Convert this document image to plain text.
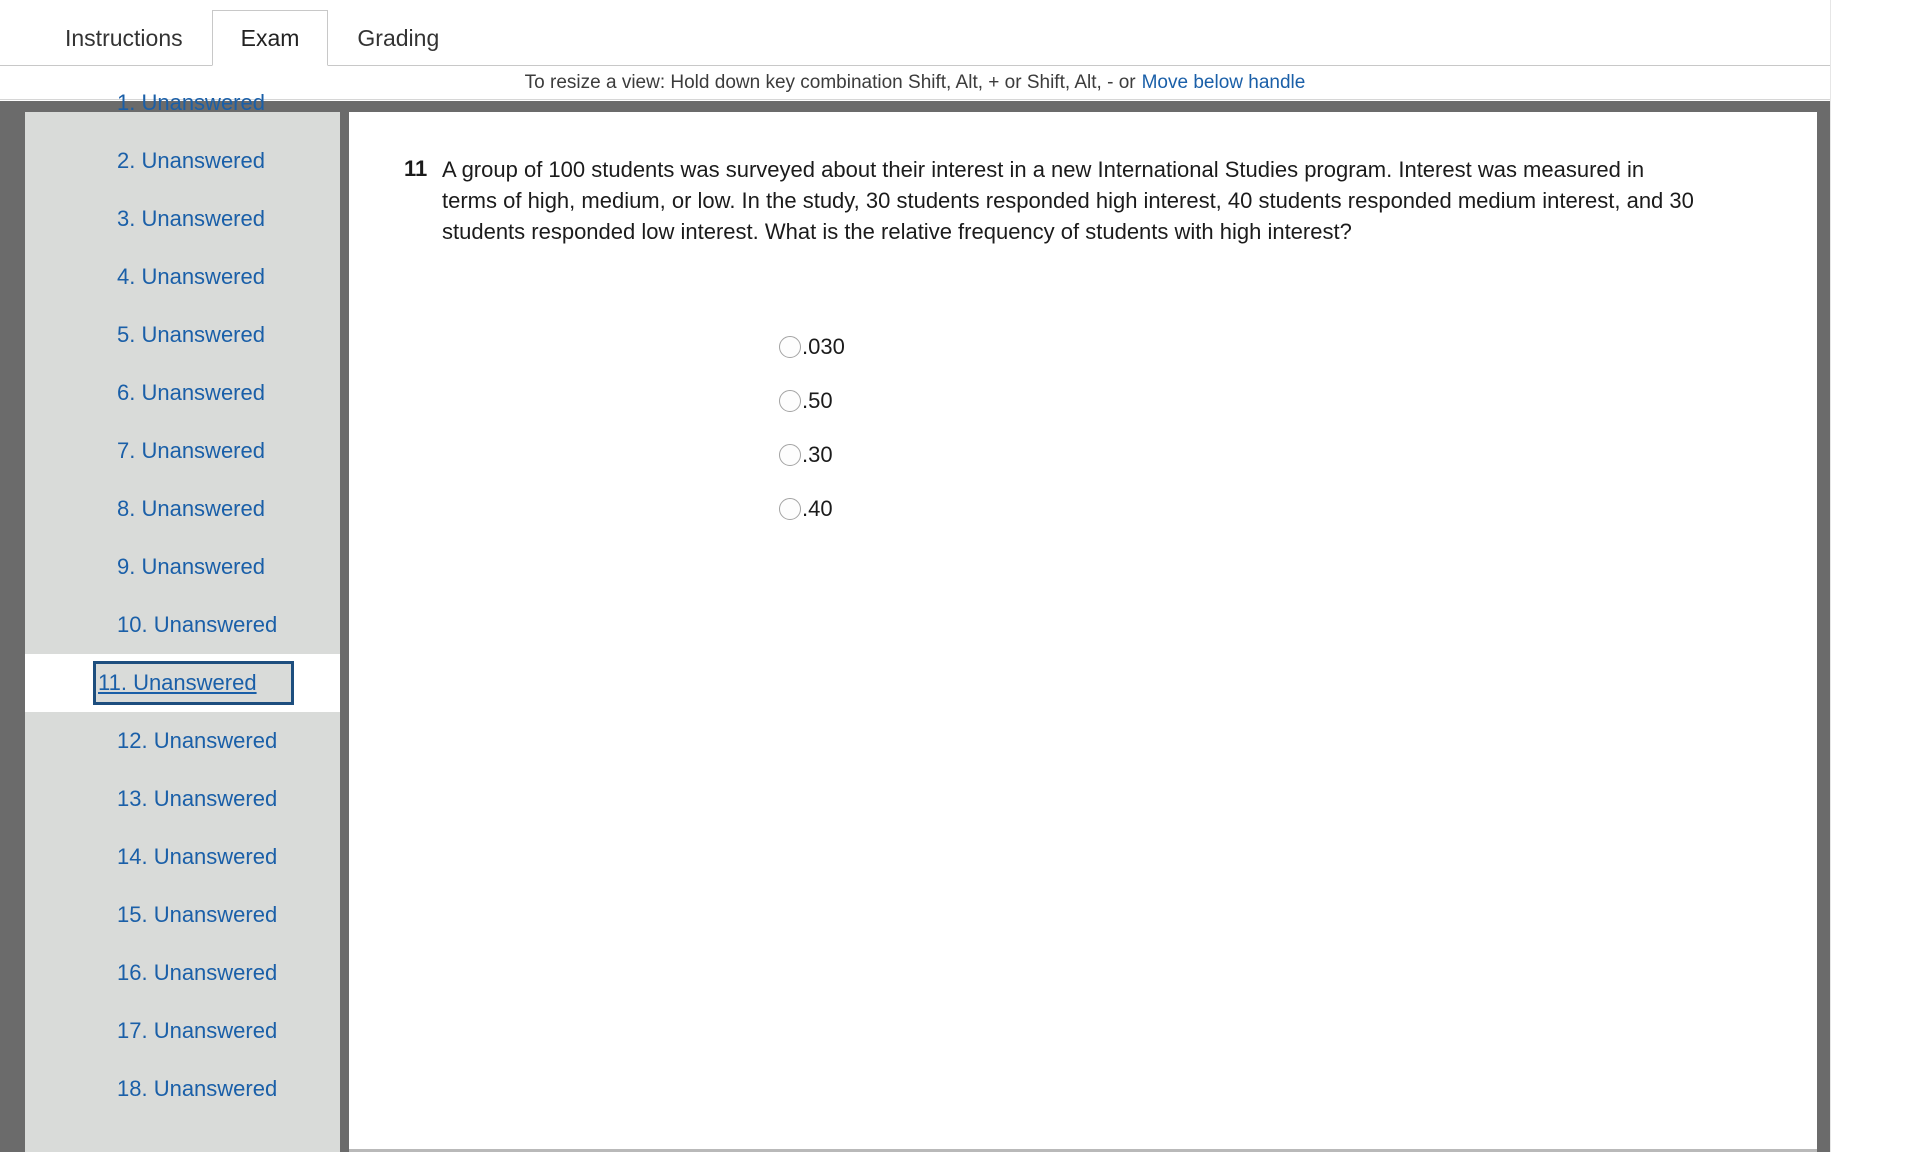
Instructions	Exam	Grading
To resize a view: Hold down key combination Shift, Alt, + or Shift, Alt, - or Move below handle
1. Unanswered
2. Unanswered
3. Unanswered
4. Unanswered
5. Unanswered
6. Unanswered
7. Unanswered
8. Unanswered
9. Unanswered
10. Unanswered
11. Unanswered
12. Unanswered
13. Unanswered
14. Unanswered
15. Unanswered
16. Unanswered
17. Unanswered
18. Unanswered
11 A group of 100 students was surveyed about their interest in a new International Studies program. Interest was measured in terms of high, medium, or low. In the study, 30 students responded high interest, 40 students responded medium interest, and 30 students responded low interest. What is the relative frequency of students with high interest?
.030
.50
.30
.40
